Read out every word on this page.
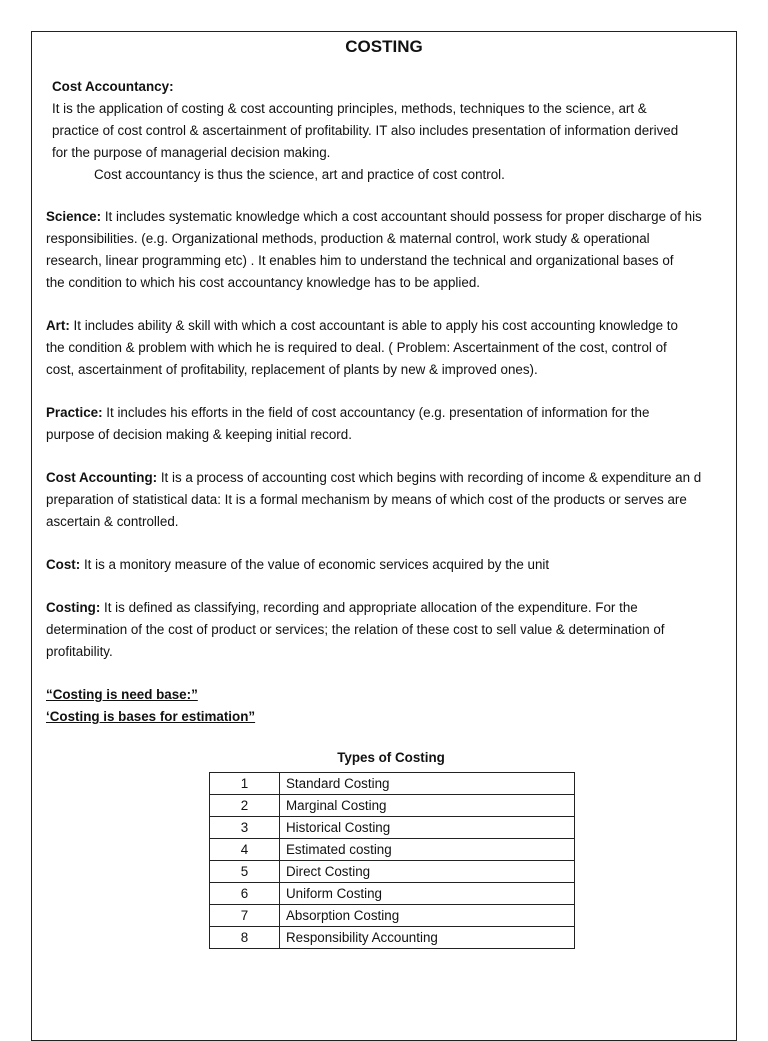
COSTING

Cost Accountancy:

It is the application of costing & cost accounting principles, methods, techniques to the science, art &

practice of cost control & ascertainment of profitability. IT also includes presentation of information derived

for the purpose of managerial decision making.

Cost accountancy is thus the science, art and practice of cost control.

Science: It includes systematic knowledge which a cost accountant should possess for proper discharge of his

responsibilities. (e.g. Organizational methods, production & maternal control, work study & operational

research, linear programming etc) . It enables him to understand the technical and organizational bases of

the condition to which his cost accountancy knowledge has to be applied.

Art: It includes ability & skill with which a cost accountant is able to apply his cost accounting knowledge to

the condition & problem with which he is required to deal. ( Problem: Ascertainment of the cost, control of

cost, ascertainment of profitability, replacement of plants by new & improved ones).

Practice: It includes his efforts in the field of cost accountancy (e.g. presentation of information for the

purpose of decision making & keeping initial record.

Cost Accounting: It is a process of accounting cost which begins with recording of income & expenditure an d

preparation of statistical data: It is a formal mechanism by means of which cost of the products or serves are

ascertain & controlled.

Cost: It is a monitory measure of the value of economic services acquired by the unit

Costing: It is defined as classifying, recording and appropriate allocation of the expenditure. For the

determination of the cost of product or services; the relation of these cost to sell value & determination of

profitability.

“Costing is need base:”

‘Costing is bases for estimation”

Types of Costing
1	Standard Costing
2	Marginal Costing
3	Historical Costing
4	Estimated costing
5	Direct Costing
6	Uniform Costing
7	Absorption Costing
8	Responsibility Accounting
